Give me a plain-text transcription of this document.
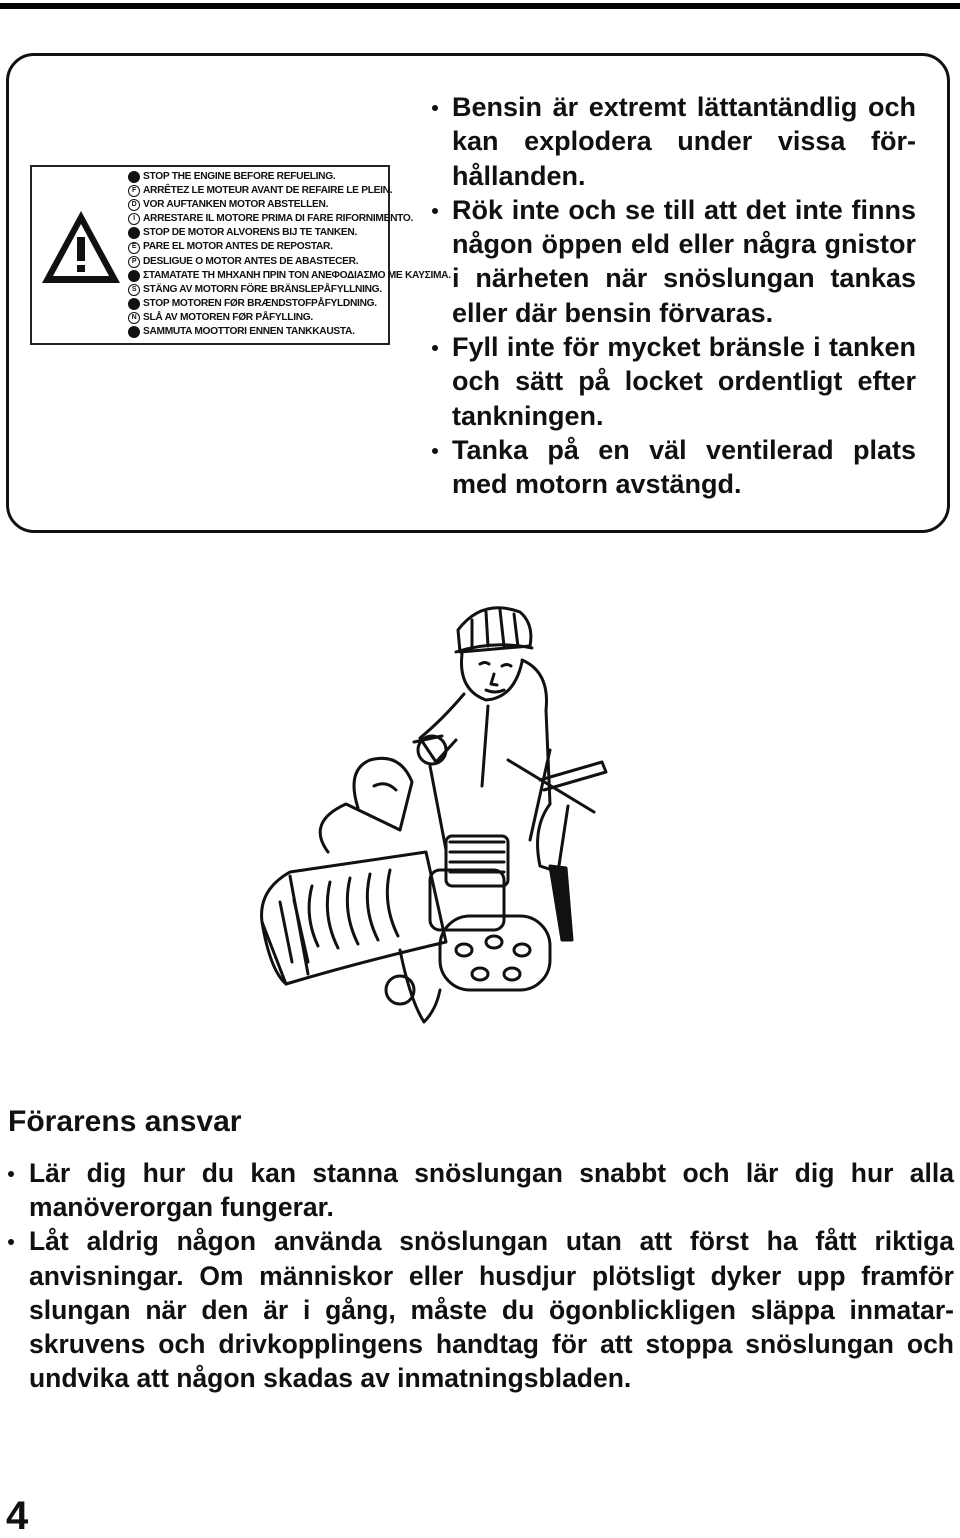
STOP THE ENGINE BEFORE REFUELING.
F ARRÊTEZ LE MOTEUR AVANT DE REFAIRE LE PLEIN.
D VOR AUFTANKEN MOTOR ABSTELLEN.
I ARRESTARE IL MOTORE PRIMA DI FARE RIFORNIMENTO.
STOP DE MOTOR ALVORENS BIJ TE TANKEN.
E PARE EL MOTOR ANTES DE REPOSTAR.
P DESLIGUE O MOTOR ANTES DE ABASTECER.
ΣΤΑΜΑΤΑΤΕ ΤΗ ΜΗΧΑΝΗ ΠΡΙΝ ΤΟΝ ΑΝΕΦΟΔΙΑΣΜΟ ΜΕ ΚΑΥΣΙΜΑ.
S STÄNG AV MOTORN FÖRE BRÄNSLEPÅFYLLNING.
STOP MOTOREN FØR BRÆNDSTOFPÅFYLDNING.
N SLÅ AV MOTOREN FØR PÅFYLLING.
SAMMUTA MOOTTORI ENNEN TANKKAUSTA.
Bensin är extremt lättantändlig och kan explodera under vissa för-hållanden.
Rök inte och se till att det inte finns någon öppen eld eller några gnistor i närheten när snöslungan tankas eller där bensin förvaras.
Fyll inte för mycket bränsle i tanken och sätt på locket ordentligt efter tankningen.
Tanka på en väl ventilerad plats med motorn avstängd.
Förarens ansvar
Lär dig hur du kan stanna snöslungan snabbt och lär dig hur alla manöverorgan fungerar.
Låt aldrig någon använda snöslungan utan att först ha fått riktiga anvisningar. Om människor eller husdjur plötsligt dyker upp framför slungan när den är i gång, måste du ögonblickligen släppa inmatar-skruvens och drivkopplingens handtag för att stoppa snöslungan och undvika att någon skadas av inmatningsbladen.
4
